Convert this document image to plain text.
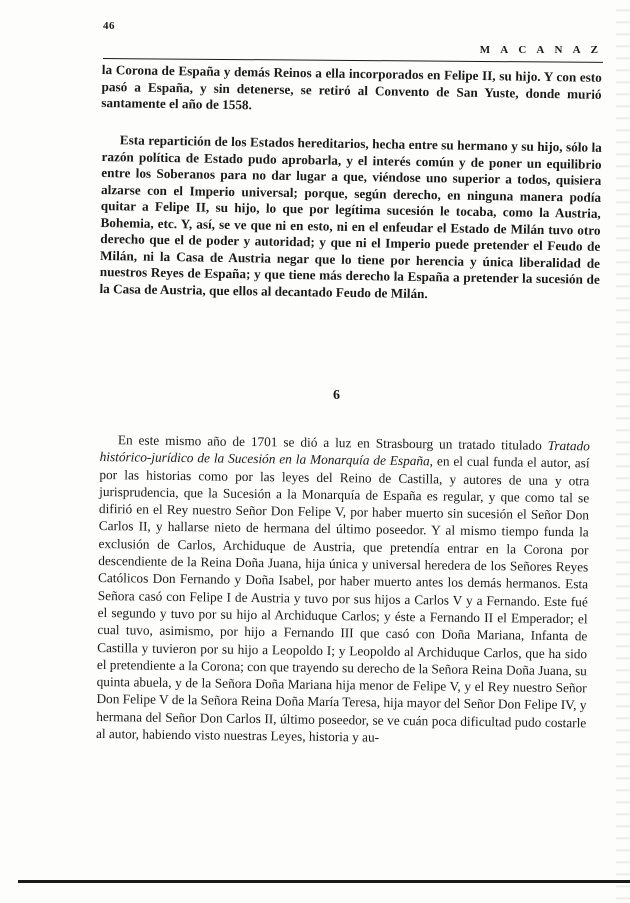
46
M A C A N A Z

la Corona de España y demás Reinos a ella incorporados en Felipe II, su hijo. Y con esto pasó a España, y sin detenerse, se retiró al Convento de San Yuste, donde murió santamente el año de 1558.

Esta repartición de los Estados hereditarios, hecha entre su hermano y su hijo, sólo la razón política de Estado pudo aprobarla, y el interés común y de poner un equilibrio entre los Soberanos para no dar lugar a que, viéndose uno superior a todos, quisiera alzarse con el Imperio universal; porque, según derecho, en ninguna manera podía quitar a Felipe II, su hijo, lo que por legítima sucesión le tocaba, como la Austria, Bohemia, etc. Y, así, se ve que ni en esto, ni en el enfeudar el Estado de Milán tuvo otro derecho que el de poder y autoridad; y que ni el Imperio puede pretender el Feudo de Milán, ni la Casa de Austria negar que lo tiene por herencia y única liberalidad de nuestros Reyes de España; y que tiene más derecho la España a pretender la sucesión de la Casa de Austria, que ellos al decantado Feudo de Milán.

6

En este mismo año de 1701 se dió a luz en Strasbourg un tratado titulado Tratado histórico-jurídico de la Sucesión en la Monarquía de España, en el cual funda el autor, así por las historias como por las leyes del Reino de Castilla, y autores de una y otra jurisprudencia, que la Sucesión a la Monarquía de España es regular, y que como tal se difirió en el Rey nuestro Señor Don Felipe V, por haber muerto sin sucesión el Señor Don Carlos II, y hallarse nieto de hermana del último poseedor. Y al mismo tiempo funda la exclusión de Carlos, Archiduque de Austria, que pretendía entrar en la Corona por descendiente de la Reina Doña Juana, hija única y universal heredera de los Señores Reyes Católicos Don Fernando y Doña Isabel, por haber muerto antes los demás hermanos. Esta Señora casó con Felipe I de Austria y tuvo por sus hijos a Carlos V y a Fernando. Este fué el segundo y tuvo por su hijo al Archiduque Carlos; y éste a Fernando II el Emperador; el cual tuvo, asimismo, por hijo a Fernando III que casó con Doña Mariana, Infanta de Castilla y tuvieron por su hijo a Leopoldo I; y Leopoldo al Archiduque Carlos, que ha sido el pretendiente a la Corona; con que trayendo su derecho de la Señora Reina Doña Juana, su quinta abuela, y de la Señora Doña Mariana hija menor de Felipe V, y el Rey nuestro Señor Don Felipe V de la Señora Reina Doña María Teresa, hija mayor del Señor Don Felipe IV, y hermana del Señor Don Carlos II, último poseedor, se ve cuán poca dificultad pudo costarle al autor, habiendo visto nuestras Leyes, historia y au-
